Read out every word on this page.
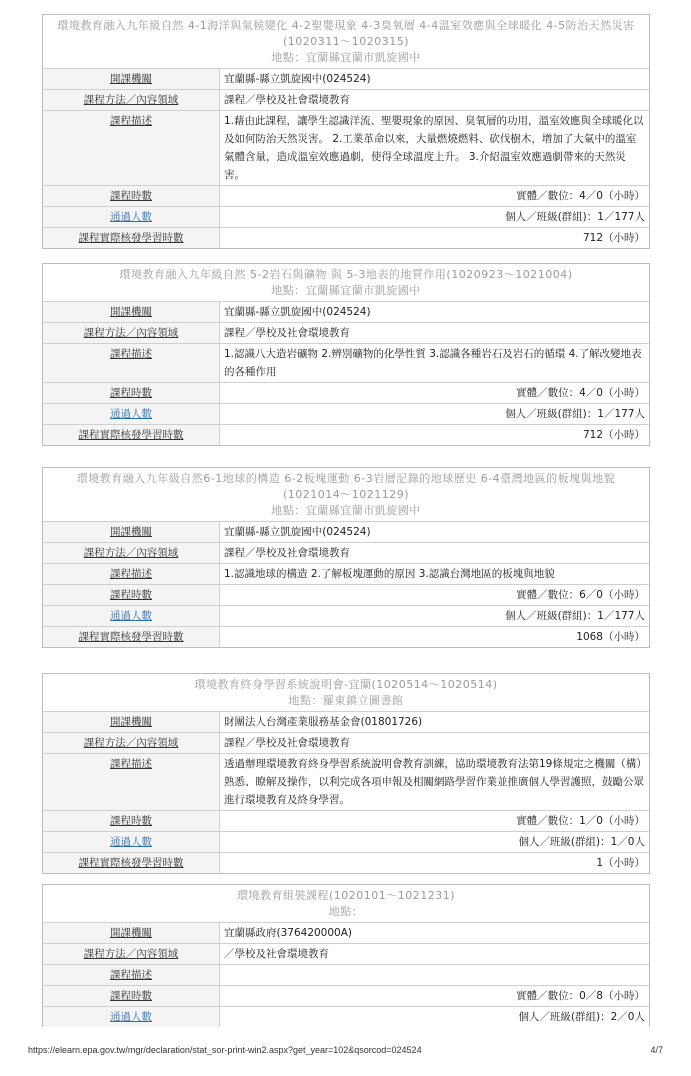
環境教育融入九年級自然 4-1海洋與氣候變化 4-2聖嬰現象 4-3臭氧層 4-4溫室效應與全球暖化 4-5防治天然災害(1020311～1020315)
地點：宜蘭縣宜蘭市凱旋國中
開課機關	宜蘭縣-縣立凱旋國中(024524)
課程方法／內容領域	課程／學校及社會環境教育
課程描述	1.藉由此課程，讓學生認識洋流、聖嬰現象的原因、臭氧層的功用，溫室效應與全球暖化以及如何防治天然災害。 2.工業革命以來，大量燃燒燃料、砍伐樹木，增加了大氣中的溫室氣體含量，造成溫室效應過劇，使得全球溫度上升。 3.介紹溫室效應過劇帶來的天然災害。
課程時數	實體／數位：4／0（小時）
通過人數	個人／班級(群組)：1／177人
課程實際核發學習時數	712（小時）
環境教育融入九年級自然 5-2岩石與礦物 與 5-3地表的地質作用(1020923～1021004)
地點：宜蘭縣宜蘭市凱旋國中
開課機關	宜蘭縣-縣立凱旋國中(024524)
課程方法／內容領域	課程／學校及社會環境教育
課程描述	1.認識八大造岩礦物 2.辨別礦物的化學性質 3.認識各種岩石及岩石的循環 4.了解改變地表的各種作用
課程時數	實體／數位：4／0（小時）
通過人數	個人／班級(群組)：1／177人
課程實際核發學習時數	712（小時）
環境教育融入九年級自然6-1地球的構造 6-2板塊運動 6-3岩層記錄的地球歷史 6-4臺灣地區的板塊與地貌(1021014～1021129)
地點：宜蘭縣宜蘭市凱旋國中
開課機關	宜蘭縣-縣立凱旋國中(024524)
課程方法／內容領域	課程／學校及社會環境教育
課程描述	1.認識地球的構造 2.了解板塊運動的原因 3.認識台灣地區的板塊與地貌
課程時數	實體／數位：6／0（小時）
通過人數	個人／班級(群組)：1／177人
課程實際核發學習時數	1068（小時）
環境教育終身學習系統說明會-宜蘭(1020514～1020514)
地點：羅東鎮立圖書館
開課機關	財團法人台灣產業服務基金會(01801726)
課程方法／內容領域	課程／學校及社會環境教育
課程描述	透過辦理環境教育終身學習系統說明會教育訓練，協助環境教育法第19條規定之機關（構）熟悉、瞭解及操作，以利完成各項申報及相關網路學習作業並推廣個人學習護照，鼓勵公眾進行環境教育及終身學習。
課程時數	實體／數位：1／0（小時）
通過人數	個人／班級(群組)：1／0人
課程實際核發學習時數	1（小時）
環境教育組裝課程(1020101～1021231)
地點：
開課機關	宜蘭縣政府(376420000A)
課程方法／內容領域	／學校及社會環境教育
課程描述	
課程時數	實體／數位：0／8（小時）
通過人數	個人／班級(群組)：2／0人
https://elearn.epa.gov.tw/mgr/declaration/stat_sor-print-win2.aspx?get_year=102&qsorcod=024524	4/7
